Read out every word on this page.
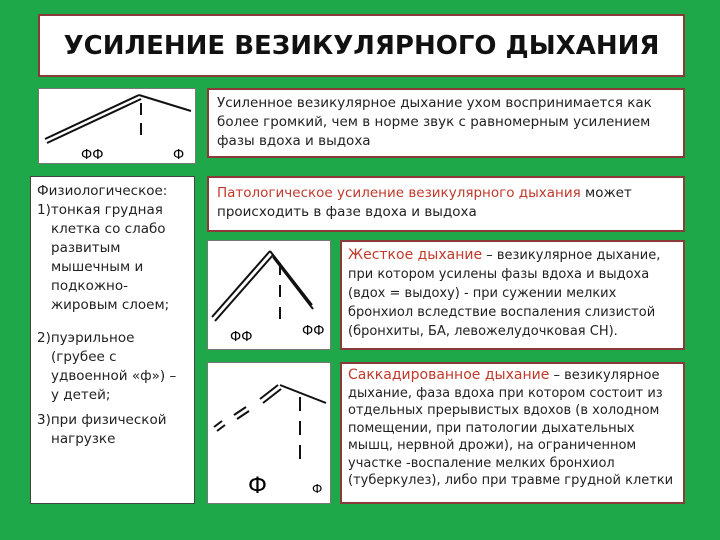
УСИЛЕНИЕ ВЕЗИКУЛЯРНОГО ДЫХАНИЯ
ФФ	Ф
Усиленное везикулярное дыхание ухом воспринимается как более громкий, чем в норме звук с равномерным усилением фазы вдоха и выдоха

Физиологическое:

1)тонкая грудная клетка со слабо развитым мышечным и подкожно-жировым слоем;

2)пуэрильное (грубее с удвоенной «ф») – у детей;

3)при физической нагрузке

Патологическое усиление везикулярного дыхания может происходить в фазе вдоха и выдоха
ФФ	ФФ
Жесткое дыхание – везикулярное дыхание, при котором усилены фазы вдоха и выдоха (вдох = выдоху) - при сужении мелких бронхиол вследствие воспаления слизистой (бронхиты, БА, левожелудочковая СН).
Ф	Ф
Саккадированное дыхание – везикулярное дыхание, фаза вдоха при котором состоит из отдельных прерывистых вдохов (в холодном помещении, при патологии дыхательных мышц, нервной дрожи), на ограниченном участке -воспаление мелких бронхиол (туберкулез), либо при травме грудной клетки
